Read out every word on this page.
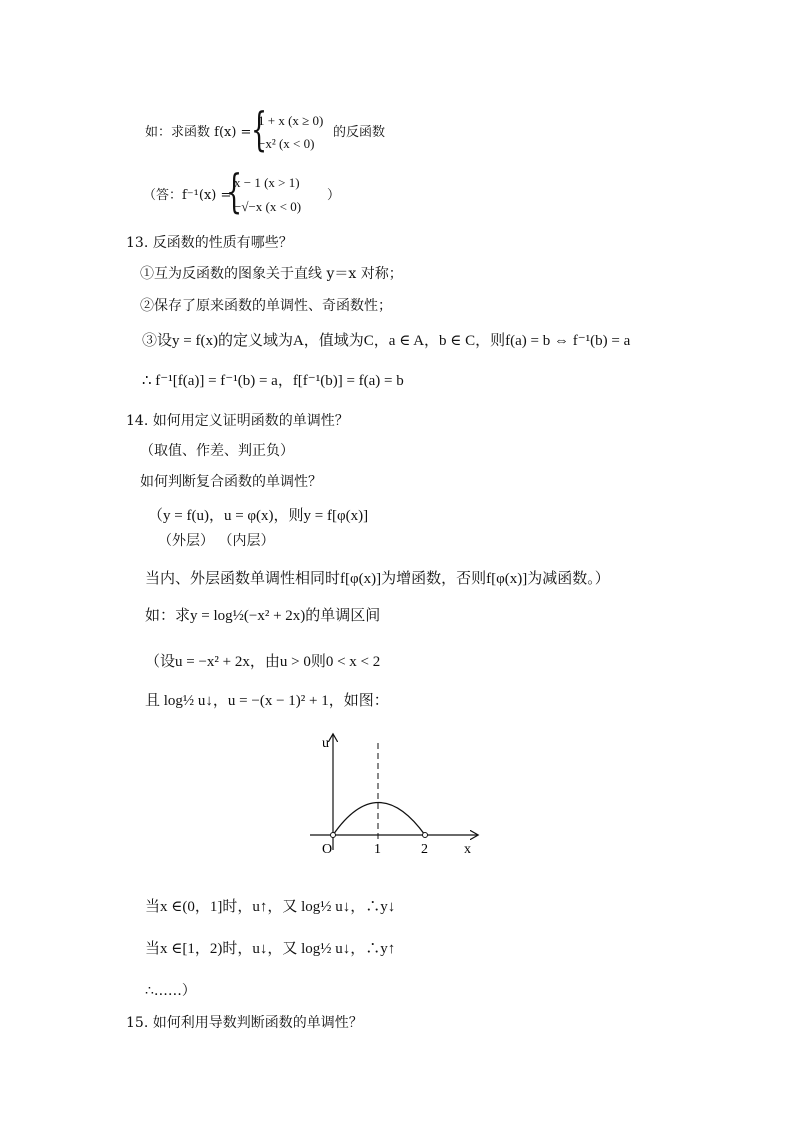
如：求函数 f(x) = {
1 + x (x ≥ 0)
−x² (x < 0)
的反函数
（答：f⁻¹(x) =
{
x − 1 (x > 1)
−√−x (x < 0)
）
13. 反函数的性质有哪些？
①互为反函数的图象关于直线 y＝x 对称；
②保存了原来函数的单调性、奇函数性；
③设y = f(x)的定义域为A，值域为C，a ∈ A，b ∈ C，则f(a) = b ⇔ f⁻¹(b) = a
∴ f⁻¹[f(a)] = f⁻¹(b) = a，f[f⁻¹(b)] = f(a) = b
14. 如何用定义证明函数的单调性？
（取值、作差、判正负）
如何判断复合函数的单调性？
（y = f(u)，u = φ(x)，则y = f[φ(x)]
（外层） （内层）
当内、外层函数单调性相同时f[φ(x)]为增函数，否则f[φ(x)]为减函数。）
如：求y = log½(−x² + 2x)的单调区间
（设u = −x² + 2x，由u > 0则0 < x < 2
且 log½ u↓，u = −(x − 1)² + 1，如图：
u
O	1	2	x
当x ∈(0，1]时，u↑，又 log½ u↓，∴y↓
当x ∈[1，2)时，u↓，又 log½ u↓，∴y↑
∴……）
15. 如何利用导数判断函数的单调性？
